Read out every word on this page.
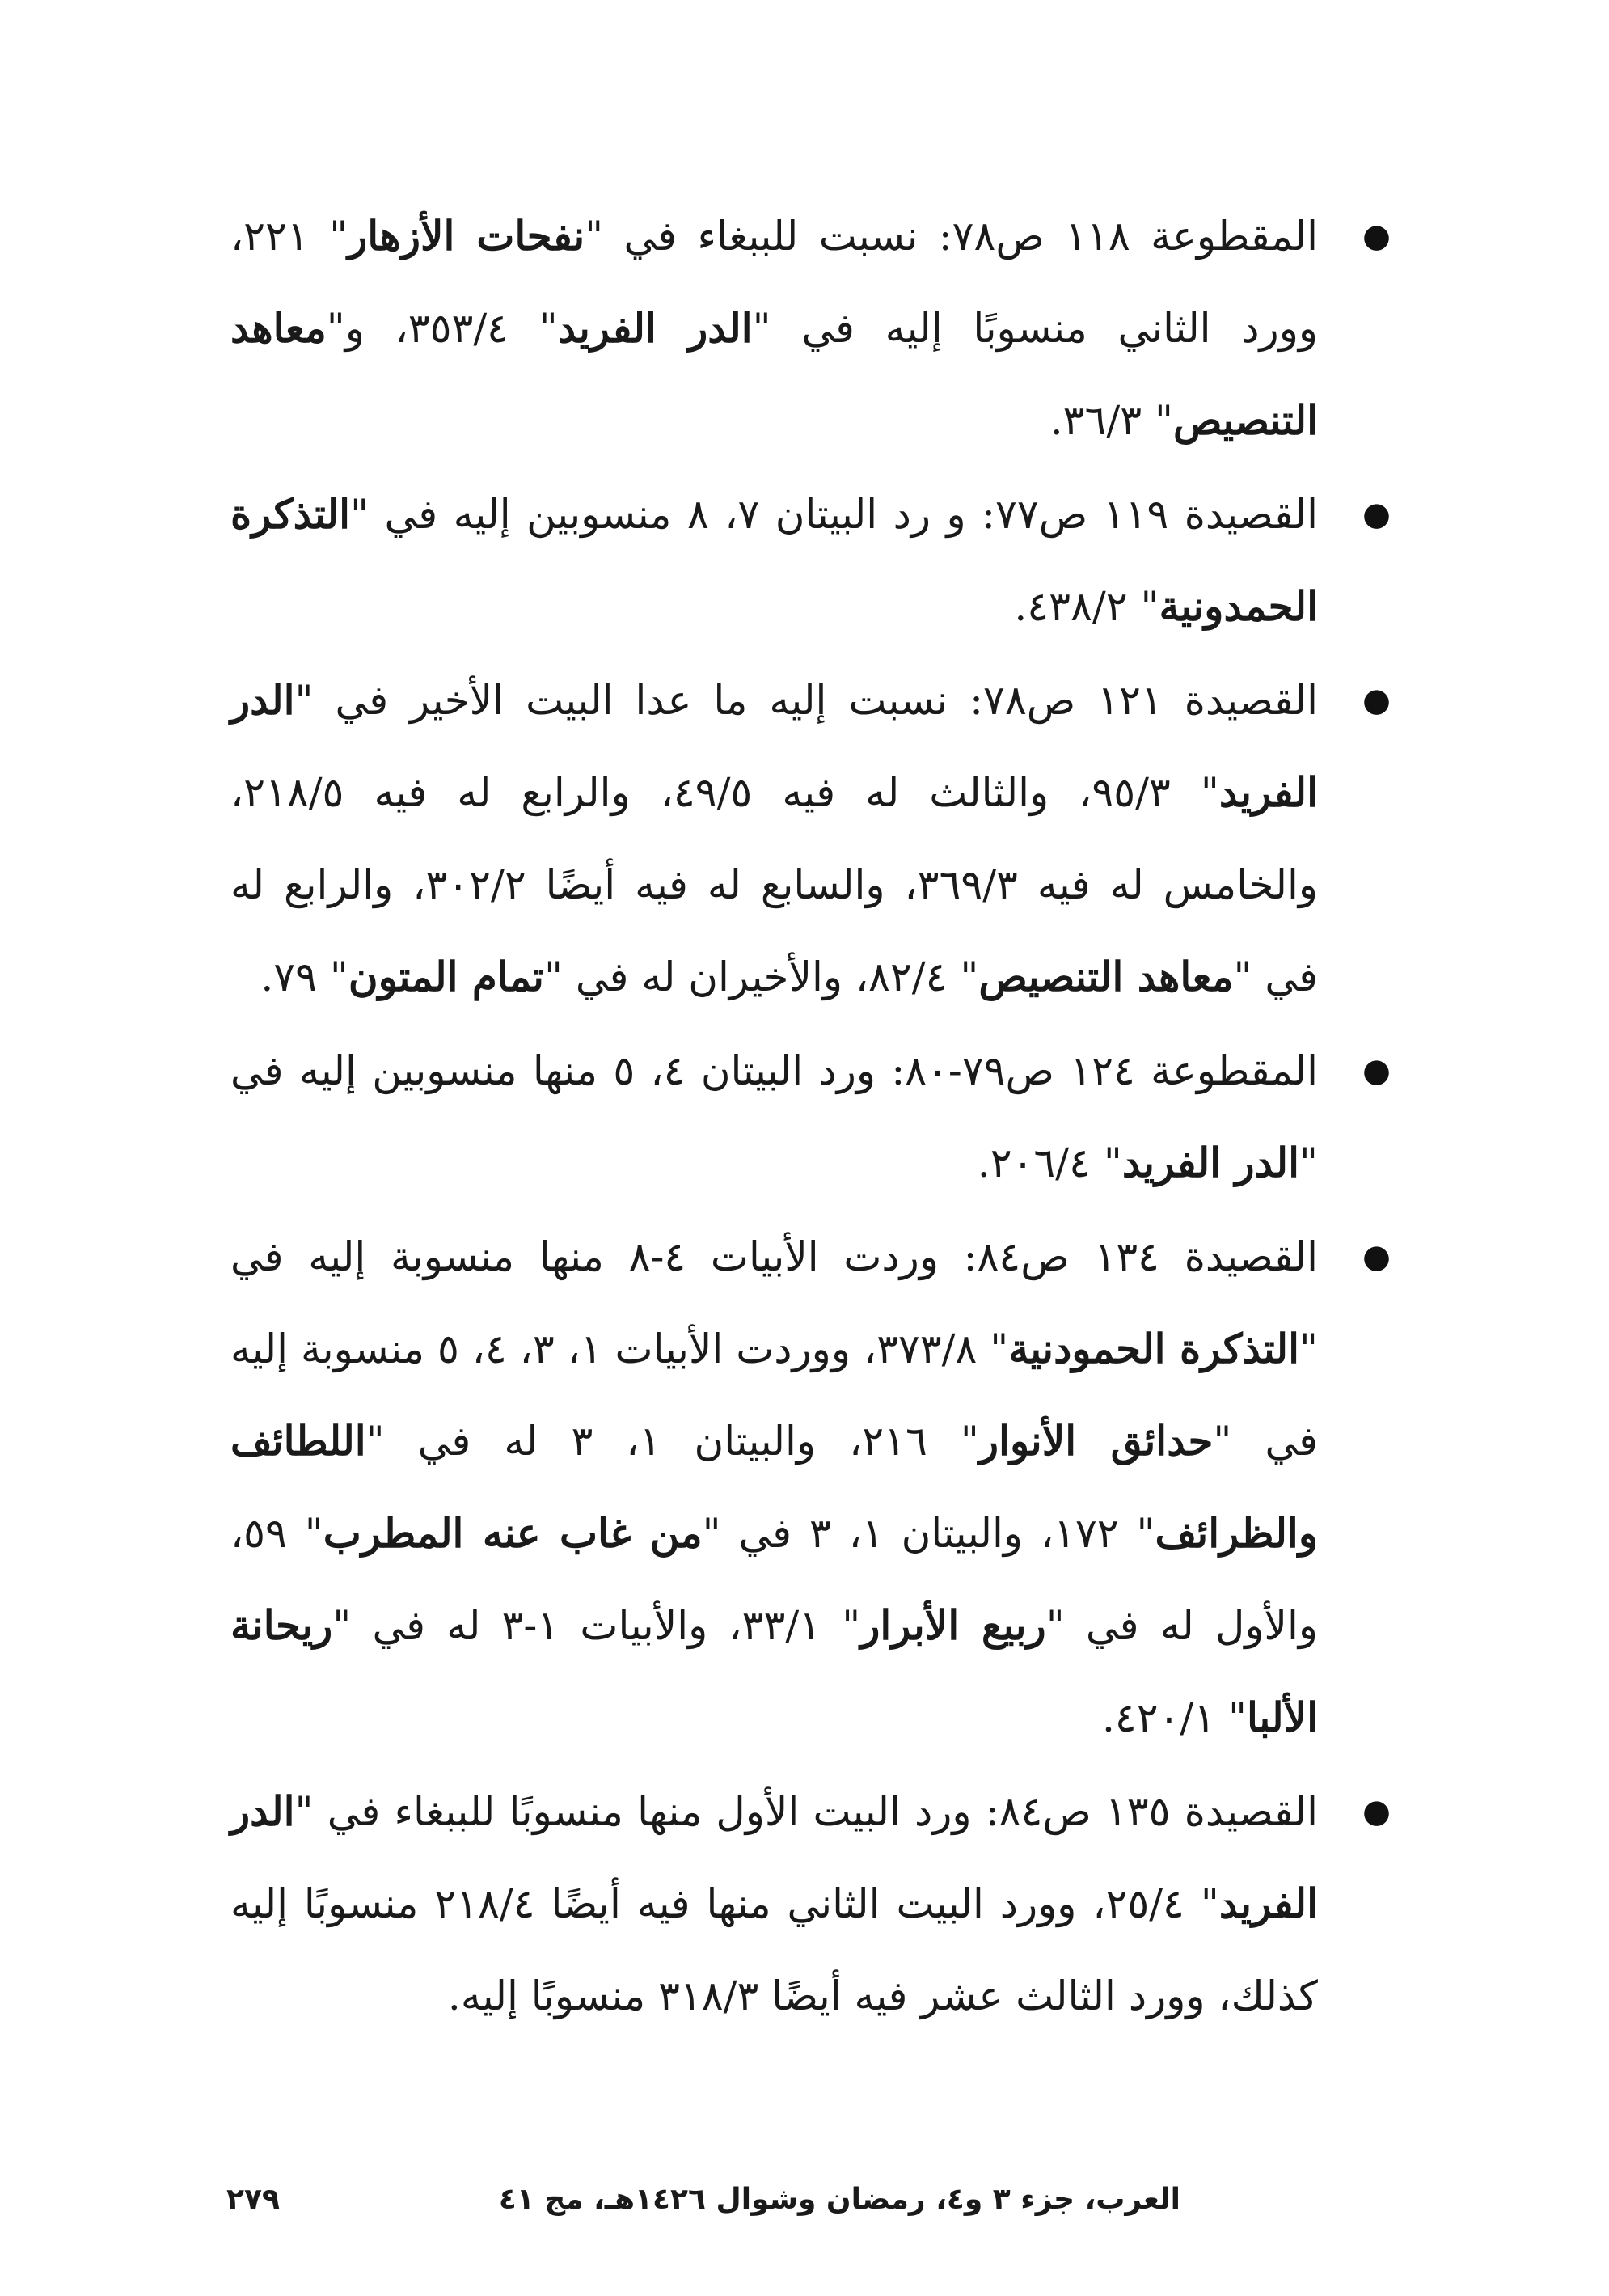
●
المقطوعة ١١٨ ص٧٨: نسبت للببغاء في "نفحات الأزهار" ٢٢١، وورد الثاني منسوبًا إليه في "الدر الفريد" ٣٥٣/٤، و"معاهد التنصيص" ٣٦/٣.

●
القصيدة ١١٩ ص٧٧: و رد البيتان ٧، ٨ منسوبين إليه في "التذكرة الحمدونية" ٤٣٨/٢.

●
القصيدة ١٢١ ص٧٨: نسبت إليه ما عدا البيت الأخير في "الدر الفريد" ٩٥/٣، والثالث له فيه ٤٩/٥، والرابع له فيه ٢١٨/٥، والخامس له فيه ٣٦٩/٣، والسابع له فيه أيضًا ٣٠٢/٢، والرابع له في "معاهد التنصيص" ٨٢/٤، والأخيران له في "تمام المتون" ٧٩.

●
المقطوعة ١٢٤ ص٧٩-٨٠: ورد البيتان ٤، ٥ منها منسوبين إليه في "الدر الفريد" ٢٠٦/٤.

●
القصيدة ١٣٤ ص٨٤: وردت الأبيات ٤-٨ منها منسوبة إليه في "التذكرة الحمودنية" ٣٧٣/٨، ووردت الأبيات ١، ٣، ٤، ٥ منسوبة إليه في "حدائق الأنوار" ٢١٦، والبيتان ١، ٣ له في "اللطائف والظرائف" ١٧٢، والبيتان ١، ٣ في "من غاب عنه المطرب" ٥٩، والأول له في "ربيع الأبرار" ٣٣/١، والأبيات ١-٣ له في "ريحانة الألبا" ٤٢٠/١.

●
القصيدة ١٣٥ ص٨٤: ورد البيت الأول منها منسوبًا للببغاء في "الدر الفريد" ٢٥/٤، وورد البيت الثاني منها فيه أيضًا ٢١٨/٤ منسوبًا إليه كذلك، وورد الثالث عشر فيه أيضًا ٣١٨/٣ منسوبًا إليه.

العرب، جزء ٣ و٤، رمضان وشوال ١٤٢٦هـ، مج ٤١
٢٧٩
